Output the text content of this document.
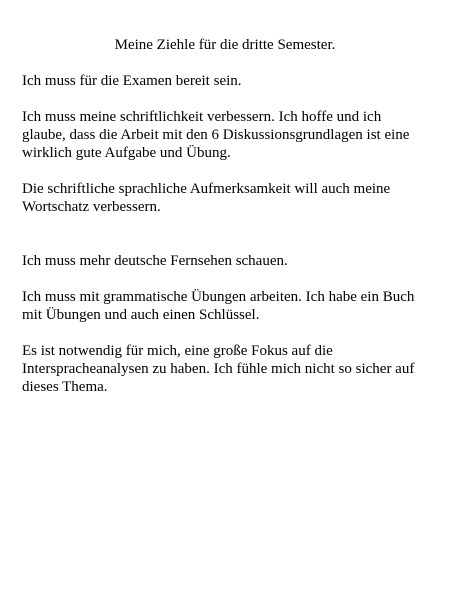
Meine Ziehle für die dritte Semester.

Ich muss für die Examen bereit sein.

Ich muss meine schriftlichkeit verbessern. Ich hoffe und ich
glaube, dass die Arbeit mit den 6 Diskussionsgrundlagen ist eine
wirklich gute Aufgabe und Übung.

Die schriftliche sprachliche Aufmerksamkeit will auch meine
Wortschatz verbessern.

Ich muss mehr deutsche Fernsehen schauen.

Ich muss mit grammatische Übungen arbeiten. Ich habe ein Buch
mit Übungen und auch einen Schlüssel.

Es ist notwendig für mich, eine große Fokus auf die
Interspracheanalysen zu haben. Ich fühle mich nicht so sicher auf
dieses Thema.
